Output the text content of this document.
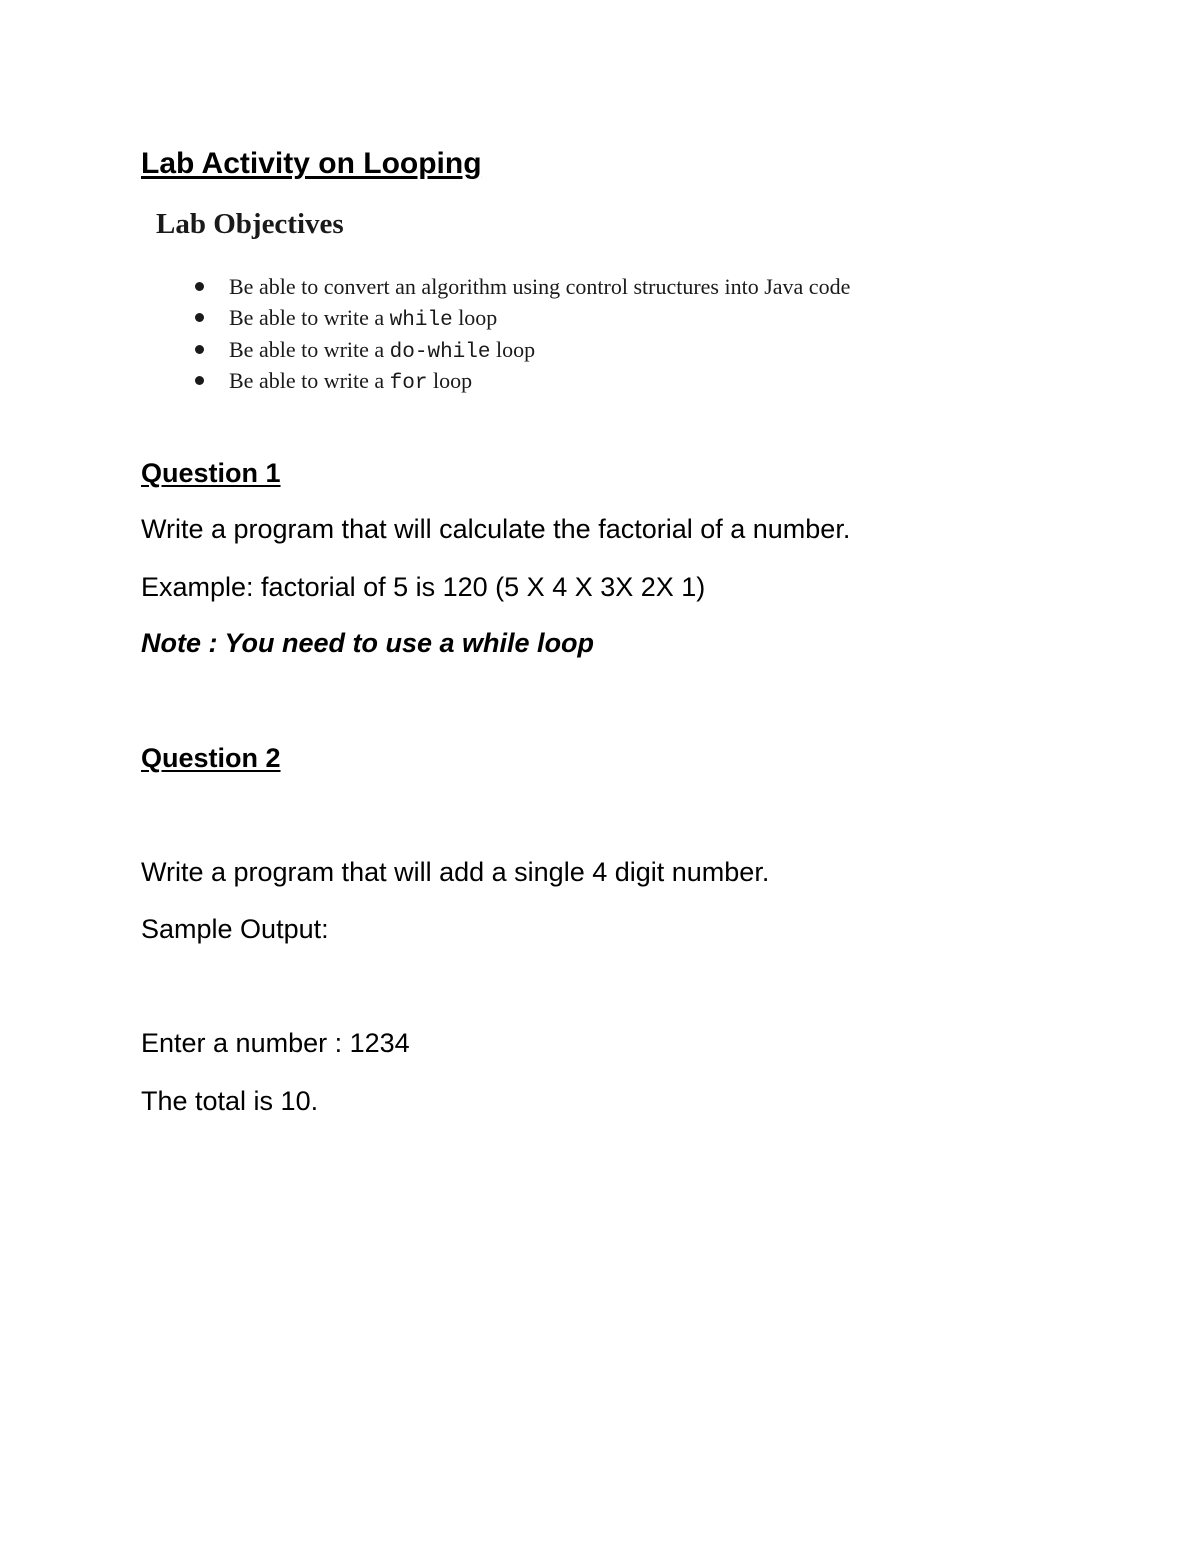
Lab Activity on Looping
Lab Objectives
Be able to convert an algorithm using control structures into Java code
Be able to write a while loop
Be able to write a do-while loop
Be able to write a for loop
Question 1
Write a program that will calculate the factorial of a number.
Example: factorial of 5 is 120 (5 X 4 X 3X 2X 1)
Note : You need to use a while loop
Question 2
Write a program that will add a single 4 digit number.
Sample Output:
Enter a number : 1234
The total is 10.
